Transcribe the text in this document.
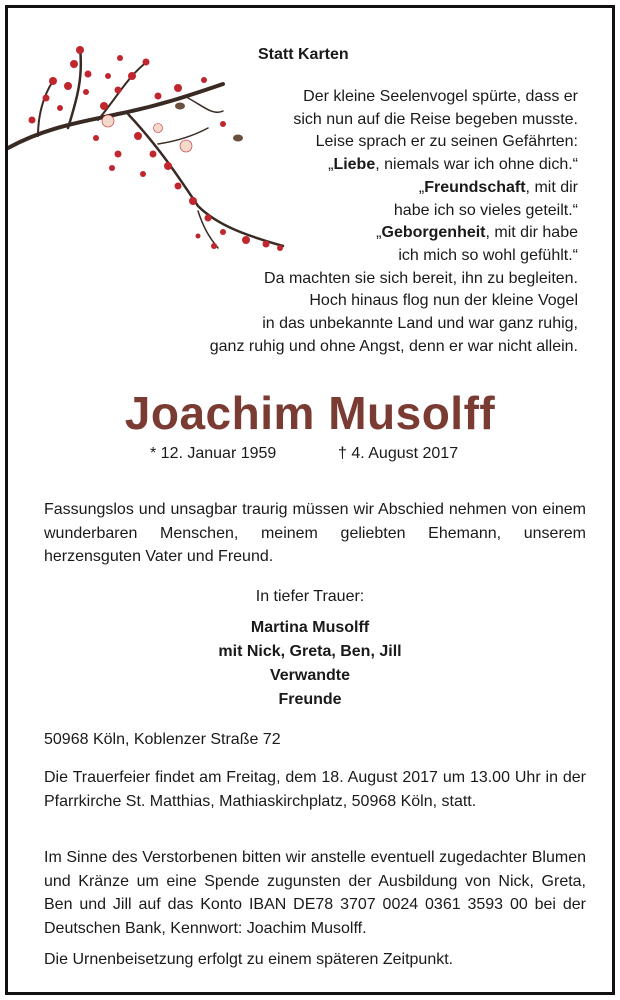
Statt Karten
Der kleine Seelenvogel spürte, dass er
sich nun auf die Reise begeben musste.
Leise sprach er zu seinen Gefährten:
„Liebe, niemals war ich ohne dich.“
„Freundschaft, mit dir
habe ich so vieles geteilt.“
„Geborgenheit, mit dir habe
ich mich so wohl gefühlt.“
Da machten sie sich bereit, ihn zu begleiten.
Hoch hinaus flog nun der kleine Vogel
in das unbekannte Land und war ganz ruhig,
ganz ruhig und ohne Angst, denn er war nicht allein.
Joachim Musolff
* 12. Januar 1959	† 4. August 2017
Fassungslos und unsagbar traurig müssen wir Abschied nehmen von einem wunderbaren Menschen, meinem geliebten Ehemann, unserem herzensguten Vater und Freund.
In tiefer Trauer:
Martina Musolff
mit Nick, Greta, Ben, Jill
Verwandte
Freunde
50968 Köln, Koblenzer Straße 72
Die Trauerfeier findet am Freitag, dem 18. August 2017 um 13.00 Uhr in der Pfarrkirche St. Matthias, Mathiaskirchplatz, 50968 Köln, statt.
Im Sinne des Verstorbenen bitten wir anstelle eventuell zugedachter Blumen und Kränze um eine Spende zugunsten der Ausbildung von Nick, Greta, Ben und Jill auf das Konto IBAN DE78 3707 0024 0361 3593 00 bei der Deutschen Bank, Kennwort: Joachim Musolff.
Die Urnenbeisetzung erfolgt zu einem späteren Zeitpunkt.
